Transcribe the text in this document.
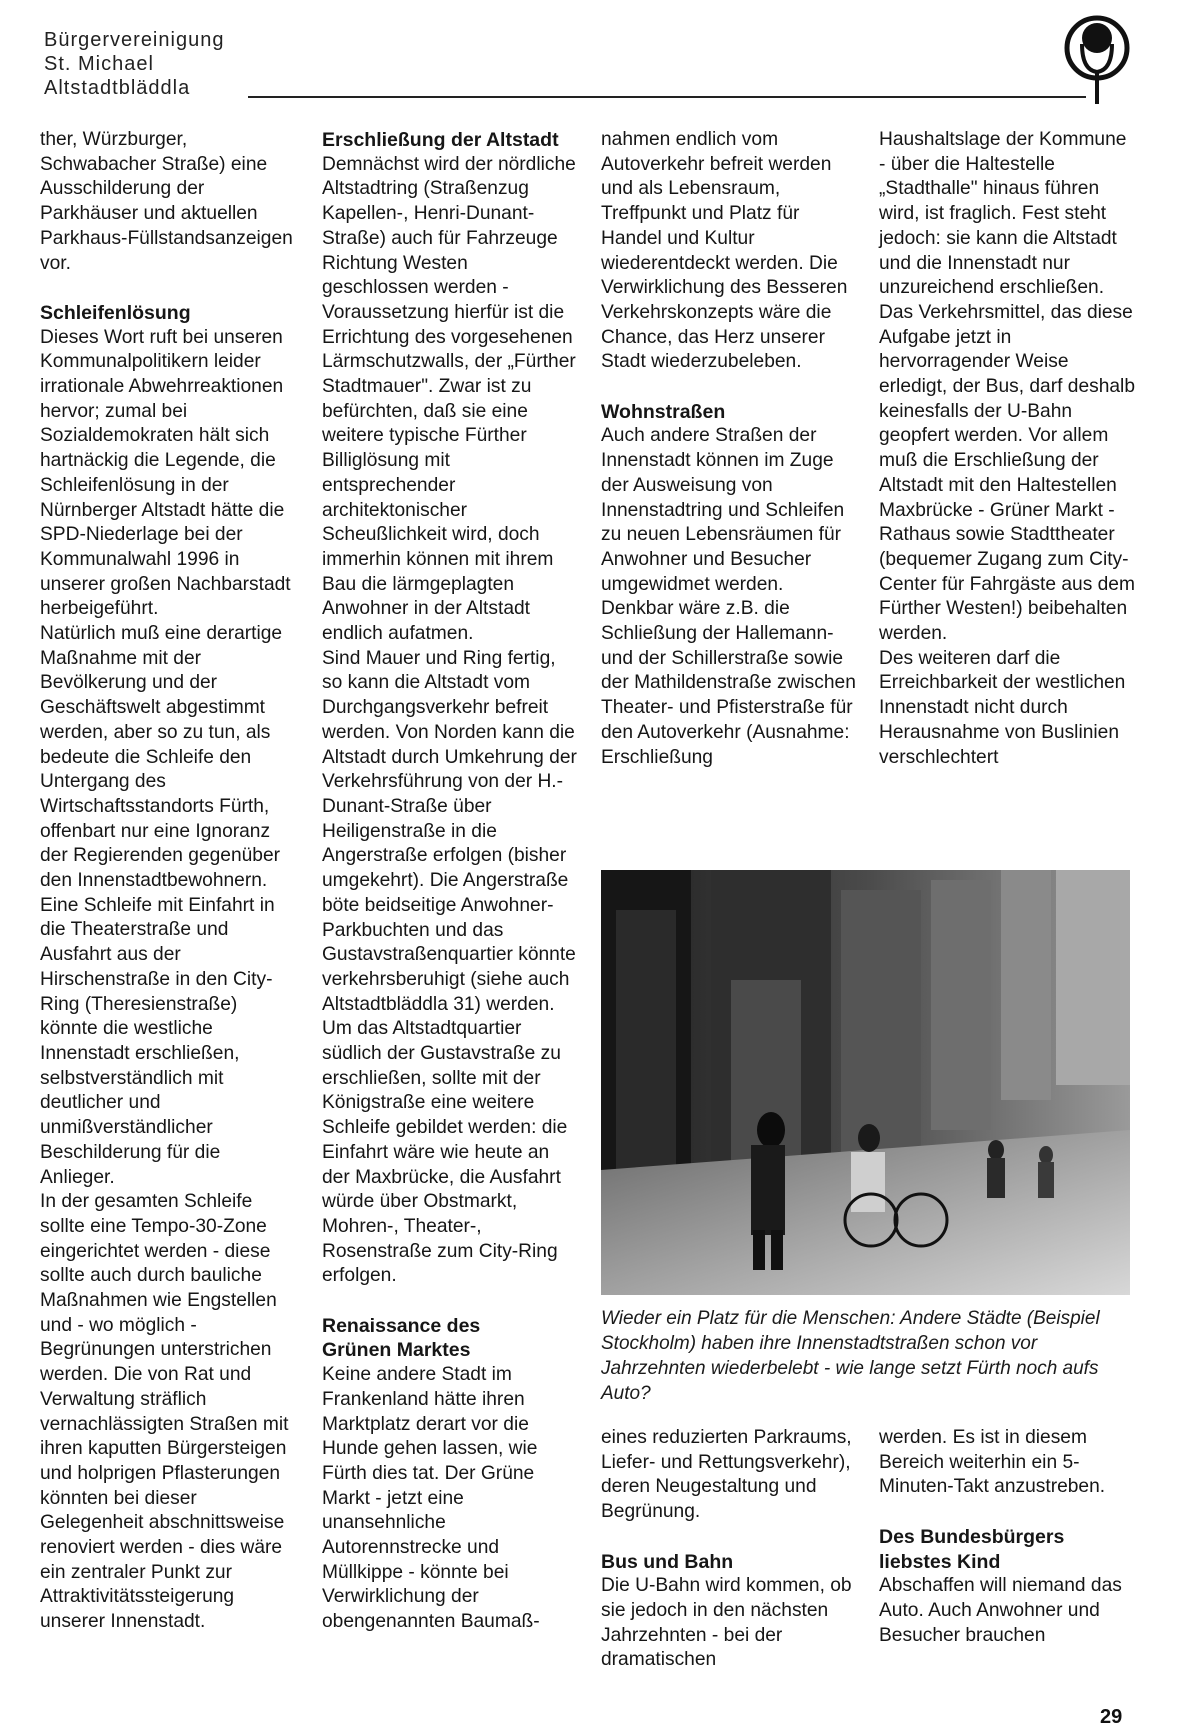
Bürgervereinigung
St. Michael
Altstadtbläddla

ther, Würzburger, Schwabacher Straße) eine Ausschilderung der Parkhäuser und aktuellen Parkhaus-Füllstandsanzeigen vor.

Schleifenlösung

Dieses Wort ruft bei unseren Kommunalpolitikern leider irrationale Abwehrreaktionen hervor; zumal bei Sozialdemokraten hält sich hartnäckig die Legende, die Schleifenlösung in der Nürnberger Altstadt hätte die SPD-Niederlage bei der Kommunalwahl 1996 in unserer großen Nachbarstadt herbeigeführt.

Natürlich muß eine derartige Maßnahme mit der Bevölkerung und der Geschäftswelt abgestimmt werden, aber so zu tun, als bedeute die Schleife den Untergang des Wirtschaftsstandorts Fürth, offenbart nur eine Ignoranz der Regierenden gegenüber den Innenstadtbewohnern. Eine Schleife mit Einfahrt in die Theaterstraße und Ausfahrt aus der Hirschenstraße in den City-Ring (Theresienstraße) könnte die westliche Innenstadt erschließen, selbstverständlich mit deutlicher und unmißverständlicher Beschilderung für die Anlieger.

In der gesamten Schleife sollte eine Tempo-30-Zone eingerichtet werden - diese sollte auch durch bauliche Maßnahmen wie Engstellen und - wo möglich - Begrünungen unterstrichen werden. Die von Rat und Verwaltung sträflich vernachlässigten Straßen mit ihren kaputten Bürgersteigen und holprigen Pflasterungen könnten bei dieser Gelegenheit abschnittsweise renoviert werden - dies wäre ein zentraler Punkt zur Attraktivitätssteigerung unserer Innenstadt.

Erschließung der Altstadt

Demnächst wird der nördliche Altstadtring (Straßenzug Kapellen-, Henri-Dunant-Straße) auch für Fahrzeuge Richtung Westen geschlossen werden - Voraussetzung hierfür ist die Errichtung des vorgesehenen Lärmschutzwalls, der „Fürther Stadtmauer". Zwar ist zu befürchten, daß sie eine weitere typische Fürther Billiglösung mit entsprechender architektonischer Scheußlichkeit wird, doch immerhin können mit ihrem Bau die lärmgeplagten Anwohner in der Altstadt endlich aufatmen.

Sind Mauer und Ring fertig, so kann die Altstadt vom Durchgangsverkehr befreit werden. Von Norden kann die Altstadt durch Umkehrung der Verkehrsführung von der H.-Dunant-Straße über Heiligenstraße in die Angerstraße erfolgen (bisher umgekehrt). Die Angerstraße böte beidseitige Anwohner-Parkbuchten und das Gustavstraßenquartier könnte verkehrsberuhigt (siehe auch Altstadtbläddla 31) werden.

Um das Altstadtquartier südlich der Gustavstraße zu erschließen, sollte mit der Königstraße eine weitere Schleife gebildet werden: die Einfahrt wäre wie heute an der Maxbrücke, die Ausfahrt würde über Obstmarkt, Mohren-, Theater-, Rosenstraße zum City-Ring erfolgen.

Renaissance des
Grünen Marktes

Keine andere Stadt im Frankenland hätte ihren Marktplatz derart vor die Hunde gehen lassen, wie Fürth dies tat. Der Grüne Markt - jetzt eine unansehnliche Autorennstrecke und Müllkippe - könnte bei Verwirklichung der obengenannten Baumaß-

nahmen endlich vom Autoverkehr befreit werden und als Lebensraum, Treffpunkt und Platz für Handel und Kultur wiederentdeckt werden. Die Verwirklichung des Besseren Verkehrskonzepts wäre die Chance, das Herz unserer Stadt wiederzubeleben.

Wohnstraßen

Auch andere Straßen der Innenstadt können im Zuge der Ausweisung von Innenstadtring und Schleifen zu neuen Lebensräumen für Anwohner und Besucher umgewidmet werden. Denkbar wäre z.B. die Schließung der Hallemann- und der Schillerstraße sowie der Mathildenstraße zwischen Theater- und Pfisterstraße für den Autoverkehr (Ausnahme: Erschließung

Haushaltslage der Kommune - über die Haltestelle „Stadthalle" hinaus führen wird, ist fraglich. Fest steht jedoch: sie kann die Altstadt und die Innenstadt nur unzureichend erschließen.

Das Verkehrsmittel, das diese Aufgabe jetzt in hervorragender Weise erledigt, der Bus, darf deshalb keinesfalls der U-Bahn geopfert werden. Vor allem muß die Erschließung der Altstadt mit den Haltestellen Maxbrücke - Grüner Markt - Rathaus sowie Stadttheater (bequemer Zugang zum City-Center für Fahrgäste aus dem Fürther Westen!) beibehalten werden.

Des weiteren darf die Erreichbarkeit der westlichen Innenstadt nicht durch Herausnahme von Buslinien verschlechtert

Wieder ein Platz für die Menschen: Andere Städte (Beispiel Stockholm) haben ihre Innenstadtstraßen schon vor Jahrzehnten wiederbelebt - wie lange setzt Fürth noch aufs Auto?

eines reduzierten Parkraums, Liefer- und Rettungsverkehr), deren Neugestaltung und Begrünung.

Bus und Bahn

Die U-Bahn wird kommen, ob sie jedoch in den nächsten Jahrzehnten - bei der dramatischen

werden. Es ist in diesem Bereich weiterhin ein 5-Minuten-Takt anzustreben.

Des Bundesbürgers
liebstes Kind

Abschaffen will niemand das Auto. Auch Anwohner und Besucher brauchen

29
